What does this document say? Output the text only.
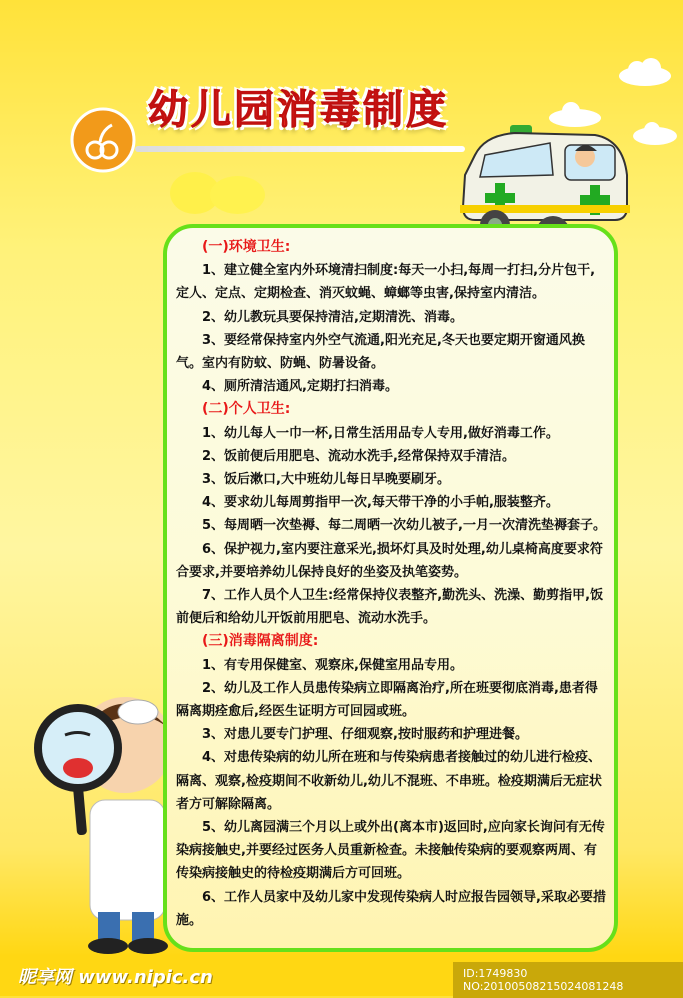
幼儿园消毒制度
(一)环境卫生:

1、建立健全室内外环境清扫制度:每天一小扫,每周一打扫,分片包干,定人、定点、定期检查、消灭蚊蝇、蟑螂等虫害,保持室内清洁。

2、幼儿教玩具要保持清洁,定期清洗、消毒。

3、要经常保持室内外空气流通,阳光充足,冬天也要定期开窗通风换气。室内有防蚊、防蝇、防暑设备。

4、厕所清洁通风,定期打扫消毒。

(二)个人卫生:

1、幼儿每人一巾一杯,日常生活用品专人专用,做好消毒工作。

2、饭前便后用肥皂、流动水洗手,经常保持双手清洁。

3、饭后漱口,大中班幼儿每日早晚要刷牙。

4、要求幼儿每周剪指甲一次,每天带干净的小手帕,服装整齐。

5、每周晒一次垫褥、每二周晒一次幼儿被子,一月一次清洗垫褥套子。

6、保护视力,室内要注意采光,损坏灯具及时处理,幼儿桌椅高度要求符合要求,并要培养幼儿保持良好的坐姿及执笔姿势。

7、工作人员个人卫生:经常保持仪表整齐,勤洗头、洗澡、勤剪指甲,饭前便后和给幼儿开饭前用肥皂、流动水洗手。

(三)消毒隔离制度:

1、有专用保健室、观察床,保健室用品专用。

2、幼儿及工作人员患传染病立即隔离治疗,所在班要彻底消毒,患者得隔离期痊愈后,经医生证明方可回园或班。

3、对患儿要专门护理、仔细观察,按时服药和护理进餐。

4、对患传染病的幼儿所在班和与传染病患者接触过的幼儿进行检疫、隔离、观察,检疫期间不收新幼儿,幼儿不混班、不串班。检疫期满后无症状者方可解除隔离。

5、幼儿离园满三个月以上或外出(离本市)返回时,应向家长询问有无传染病接触史,并要经过医务人员重新检查。未接触传染病的要观察两周、有传染病接触史的待检疫期满后方可回班。

6、工作人员家中及幼儿家中发现传染病人时应报告园领导,采取必要措施。

昵享网 www.nipic.cn	ID:1749830 NO:20100508215024081248
